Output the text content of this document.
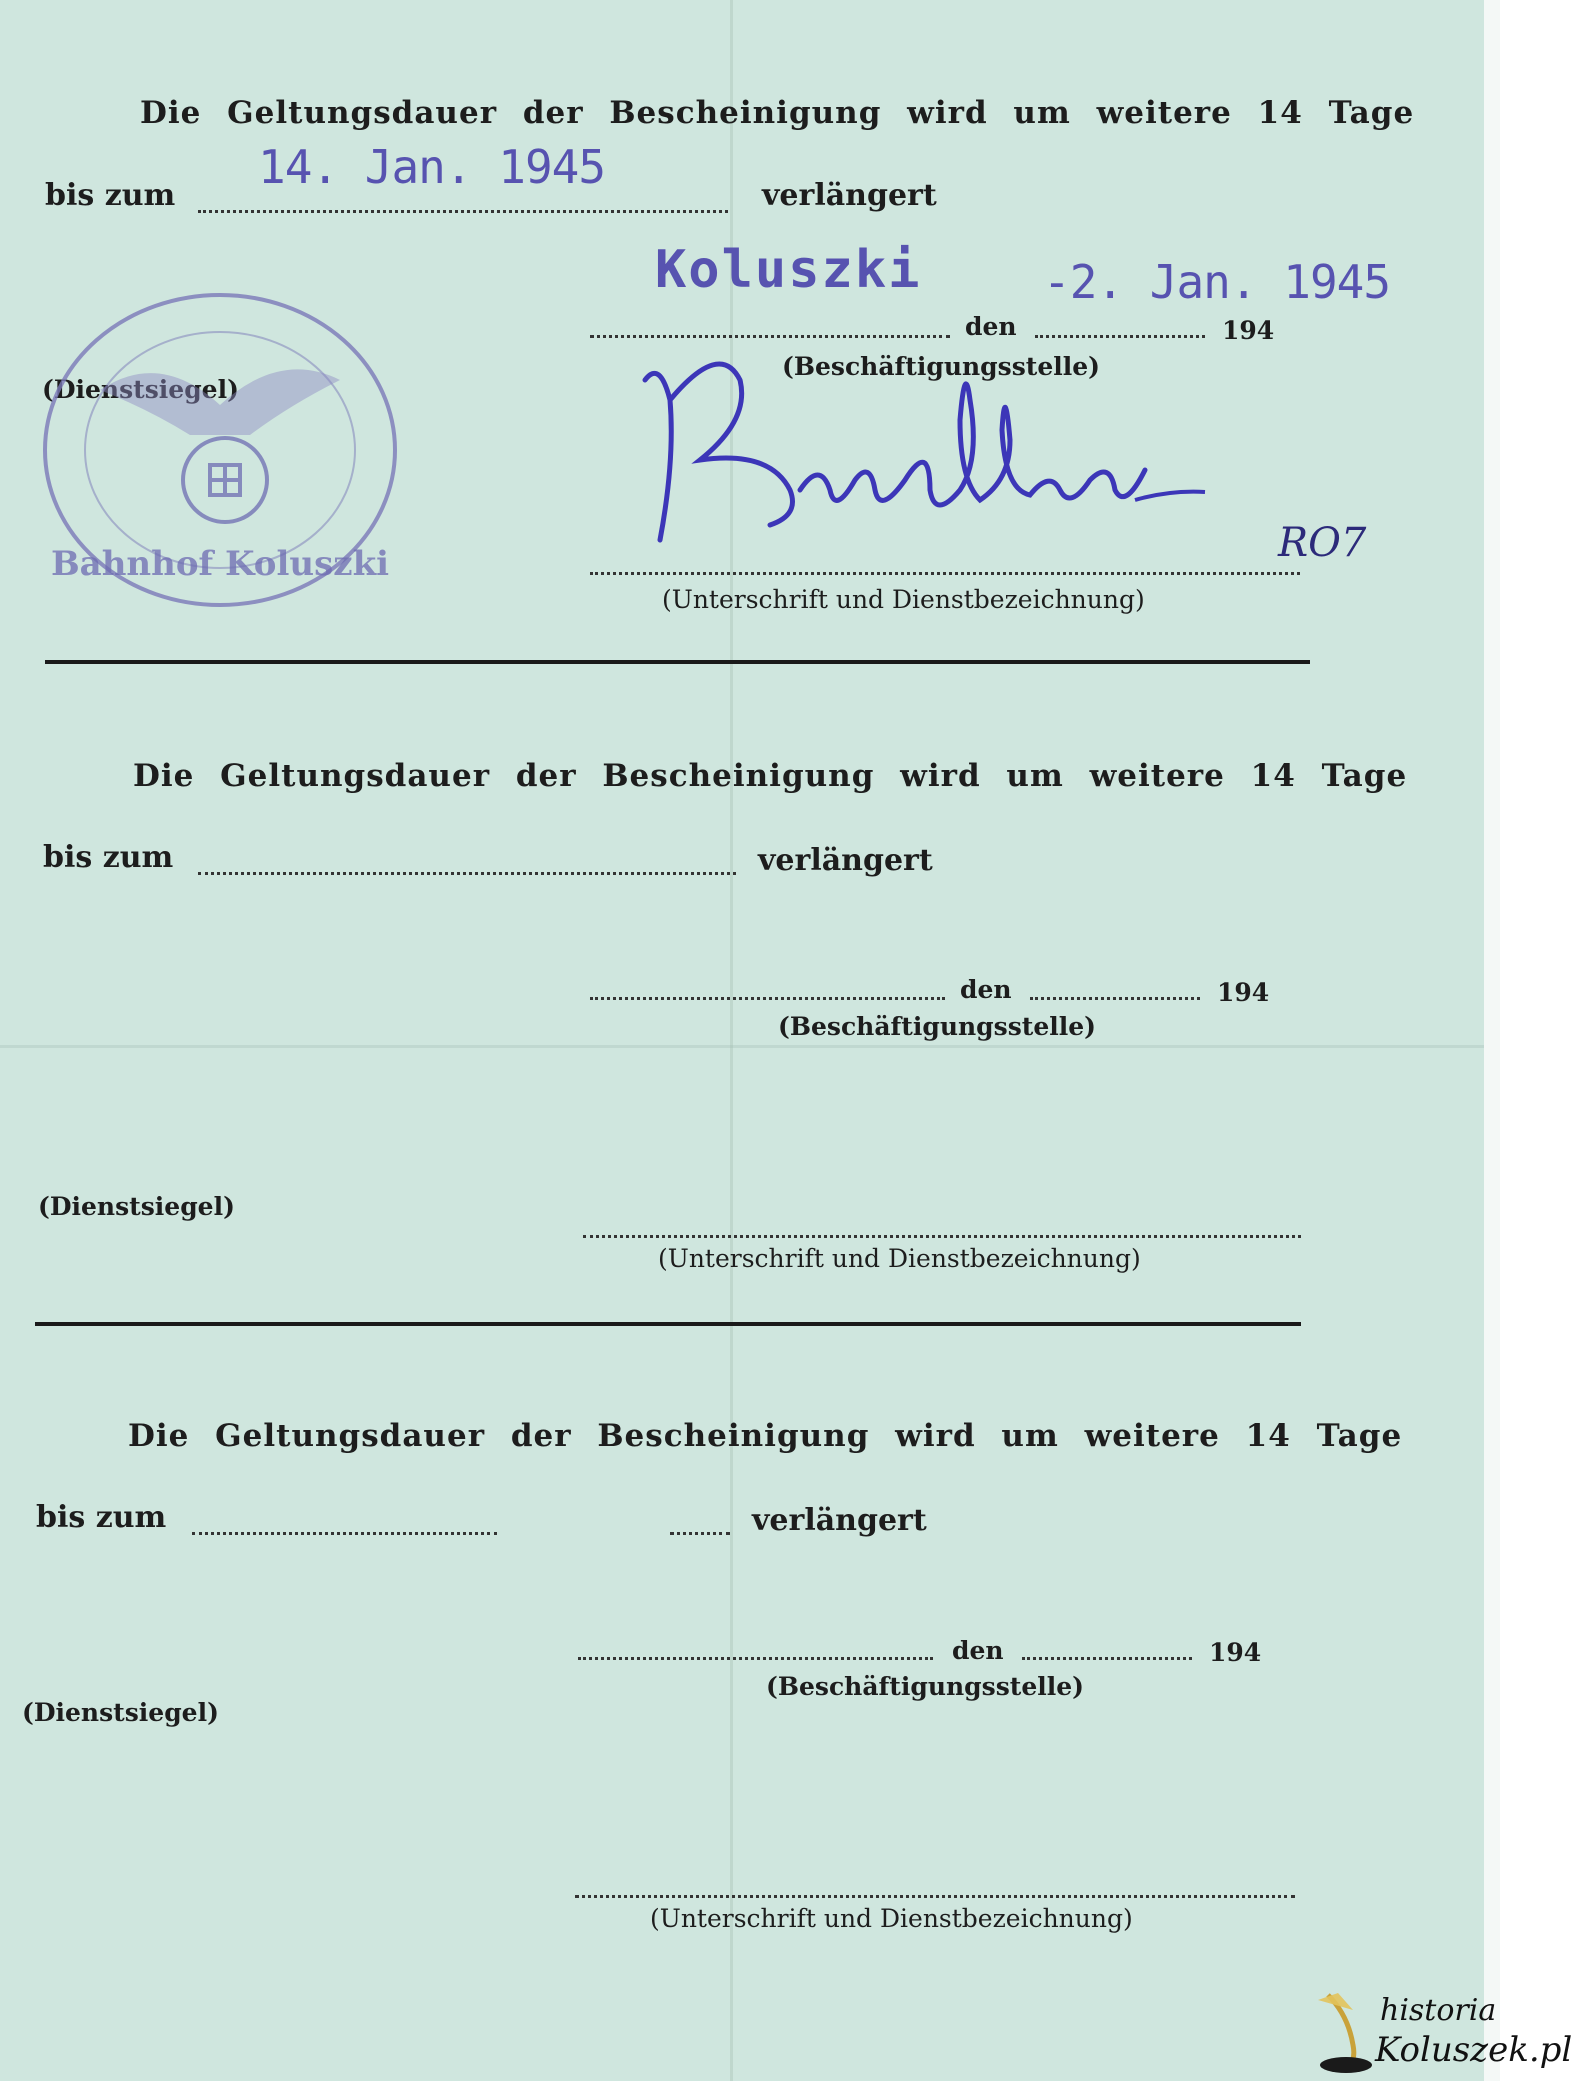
Die Geltungsdauer der Bescheinigung wird um weitere 14 Tage
bis zum
14. Jan. 1945
verlängert
Koluszki	-2. Jan. 1945
den	194
(Beschäftigungsstelle)
(Dienstsiegel)
Bahnhof Koluszki	RO7
(Unterschrift und Dienstbezeichnung)
Die Geltungsdauer der Bescheinigung wird um weitere 14 Tage
bis zum	verlängert
den	194
(Beschäftigungsstelle)
(Dienstsiegel)
(Unterschrift und Dienstbezeichnung)
Die Geltungsdauer der Bescheinigung wird um weitere 14 Tage
bis zum	verlängert
den	194
(Beschäftigungsstelle)
(Dienstsiegel)
(Unterschrift und Dienstbezeichnung)
historia
Koluszek.pl
